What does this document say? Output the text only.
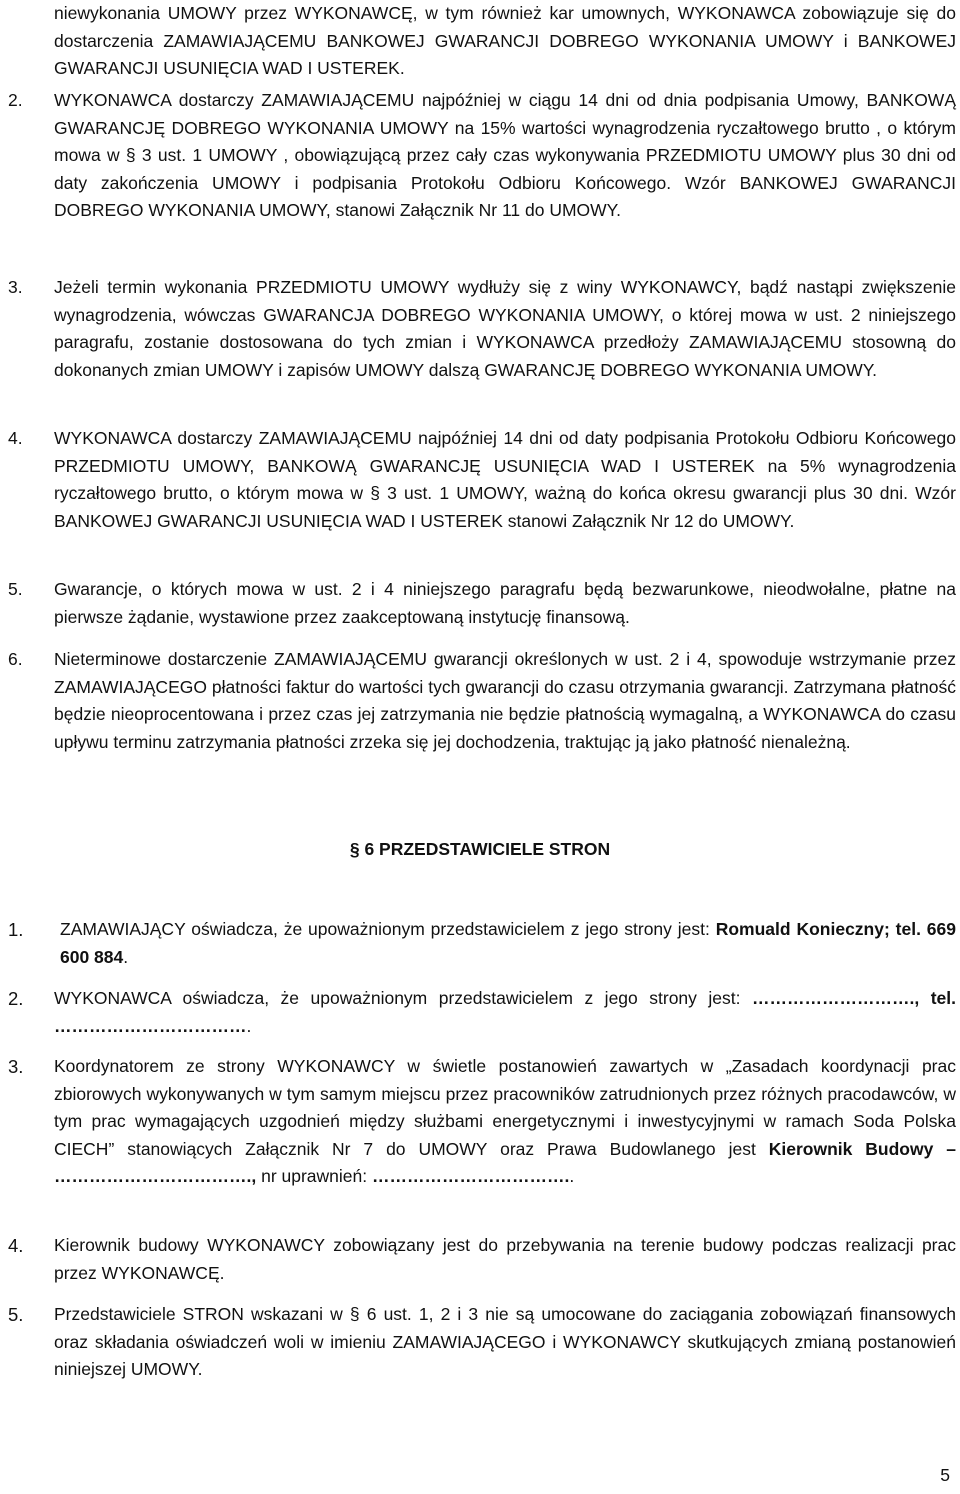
niewykonania UMOWY przez WYKONAWCĘ, w tym również kar umownych, WYKONAWCA zobowiązuje się do dostarczenia ZAMAWIAJĄCEMU BANKOWEJ GWARANCJI DOBREGO WYKONANIA UMOWY i BANKOWEJ GWARANCJI USUNIĘCIA WAD I USTEREK.

2. WYKONAWCA dostarczy ZAMAWIAJĄCEMU najpóźniej w ciągu 14 dni od dnia podpisania Umowy, BANKOWĄ GWARANCJĘ DOBREGO WYKONANIA UMOWY na 15% wartości wynagrodzenia ryczałtowego brutto , o którym mowa w § 3 ust. 1 UMOWY , obowiązującą przez cały czas wykonywania PRZEDMIOTU UMOWY plus 30 dni od daty zakończenia UMOWY i podpisania Protokołu Odbioru Końcowego. Wzór BANKOWEJ GWARANCJI DOBREGO WYKONANIA UMOWY, stanowi Załącznik Nr 11 do UMOWY.

3. Jeżeli termin wykonania PRZEDMIOTU UMOWY wydłuży się z winy WYKONAWCY, bądź nastąpi zwiększenie wynagrodzenia, wówczas GWARANCJA DOBREGO WYKONANIA UMOWY, o której mowa w ust. 2 niniejszego paragrafu, zostanie dostosowana do tych zmian i WYKONAWCA przedłoży ZAMAWIAJĄCEMU stosowną do dokonanych zmian UMOWY i zapisów UMOWY dalszą GWARANCJĘ DOBREGO WYKONANIA UMOWY.

4. WYKONAWCA dostarczy ZAMAWIAJĄCEMU najpóźniej 14 dni od daty podpisania Protokołu Odbioru Końcowego PRZEDMIOTU UMOWY, BANKOWĄ GWARANCJĘ USUNIĘCIA WAD I USTEREK na 5% wynagrodzenia ryczałtowego brutto, o którym mowa w § 3 ust. 1 UMOWY, ważną do końca okresu gwarancji plus 30 dni. Wzór BANKOWEJ GWARANCJI USUNIĘCIA WAD I USTEREK stanowi Załącznik Nr 12 do UMOWY.

5. Gwarancje, o których mowa w ust. 2 i 4 niniejszego paragrafu będą bezwarunkowe, nieodwołalne, płatne na pierwsze żądanie, wystawione przez zaakceptowaną instytucję finansową.

6. Nieterminowe dostarczenie ZAMAWIAJĄCEMU gwarancji określonych w ust. 2 i 4, spowoduje wstrzymanie przez ZAMAWIAJĄCEGO płatności faktur do wartości tych gwarancji do czasu otrzymania gwarancji. Zatrzymana płatność będzie nieoprocentowana i przez czas jej zatrzymania nie będzie płatnością wymagalną, a WYKONAWCA do czasu upływu terminu zatrzymania płatności zrzeka się jej dochodzenia, traktując ją jako płatność nienależną.

§ 6 PRZEDSTAWICIELE STRON

1. ZAMAWIAJĄCY oświadcza, że upoważnionym przedstawicielem z jego strony jest: Romuald Konieczny; tel. 669 600 884.

2. WYKONAWCA oświadcza, że upoważnionym przedstawicielem z jego strony jest: ………………………., tel. …………………………….

3. Koordynatorem ze strony WYKONAWCY w świetle postanowień zawartych w „Zasadach koordynacji prac zbiorowych wykonywanych w tym samym miejscu przez pracowników zatrudnionych przez różnych pracodawców, w tym prac wymagających uzgodnień między służbami energetycznymi i inwestycyjnymi w ramach Soda Polska CIECH” stanowiących Załącznik Nr 7 do UMOWY oraz Prawa Budowlanego jest Kierownik Budowy – ……………………………., nr uprawnień: ……………………………..

4. Kierownik budowy WYKONAWCY zobowiązany jest do przebywania na terenie budowy podczas realizacji prac przez WYKONAWCĘ.

5. Przedstawiciele STRON wskazani w § 6 ust. 1, 2 i 3 nie są umocowane do zaciągania zobowiązań finansowych oraz składania oświadczeń woli w imieniu ZAMAWIAJĄCEGO i WYKONAWCY skutkujących zmianą postanowień niniejszej UMOWY.

5
